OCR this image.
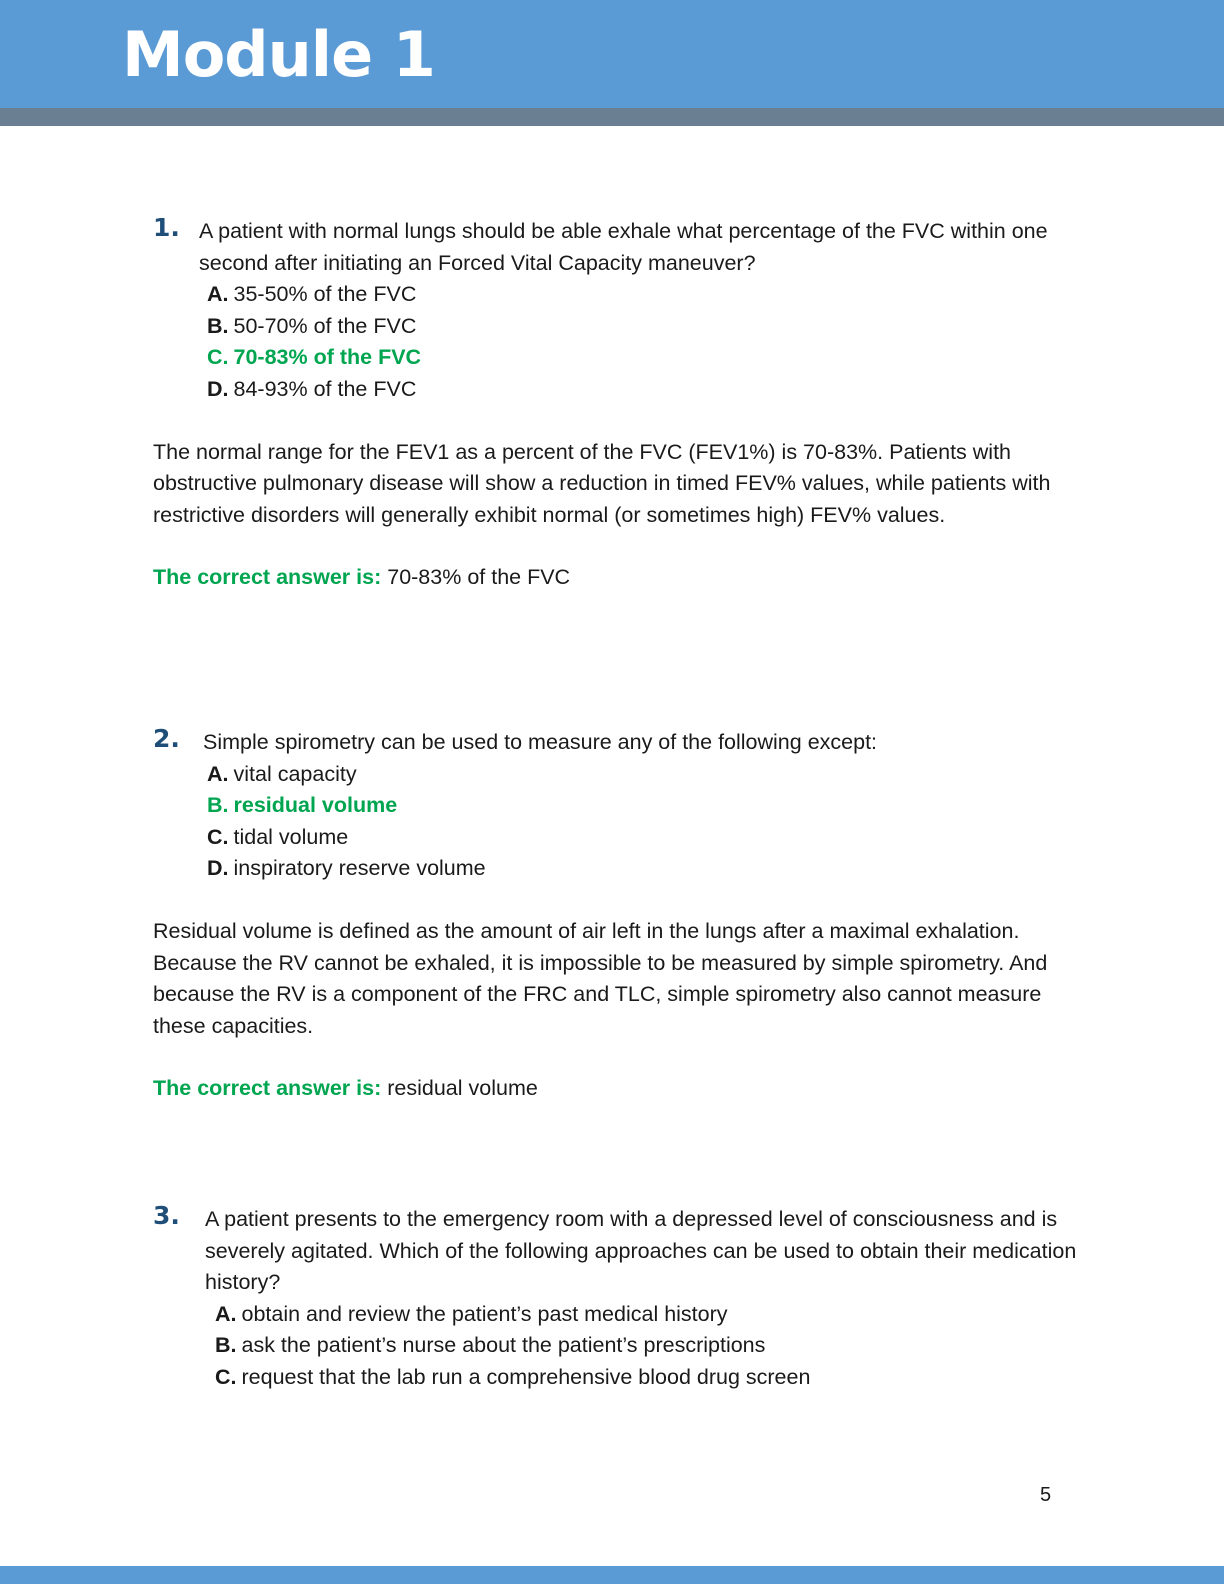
Module 1
1. A patient with normal lungs should be able exhale what percentage of the FVC within one second after initiating an Forced Vital Capacity maneuver?
A. 35-50% of the FVC
B. 50-70% of the FVC
C. 70-83% of the FVC
D. 84-93% of the FVC
The normal range for the FEV1 as a percent of the FVC (FEV1%) is 70-83%. Patients with obstructive pulmonary disease will show a reduction in timed FEV% values, while patients with restrictive disorders will generally exhibit normal (or sometimes high) FEV% values.
The correct answer is: 70-83% of the FVC
2.	Simple spirometry can be used to measure any of the following except:
A. vital capacity
B. residual volume
C. tidal volume
D. inspiratory reserve volume
Residual volume is defined as the amount of air left in the lungs after a maximal exhalation. Because the RV cannot be exhaled, it is impossible to be measured by simple spirometry. And because the RV is a component of the FRC and TLC, simple spirometry also cannot measure these capacities.
The correct answer is: residual volume
3.	A patient presents to the emergency room with a depressed level of consciousness and is severely agitated. Which of the following approaches can be used to obtain their medication history?
A. obtain and review the patient’s past medical history
B. ask the patient’s nurse about the patient’s prescriptions
C. request that the lab run a comprehensive blood drug screen
5
